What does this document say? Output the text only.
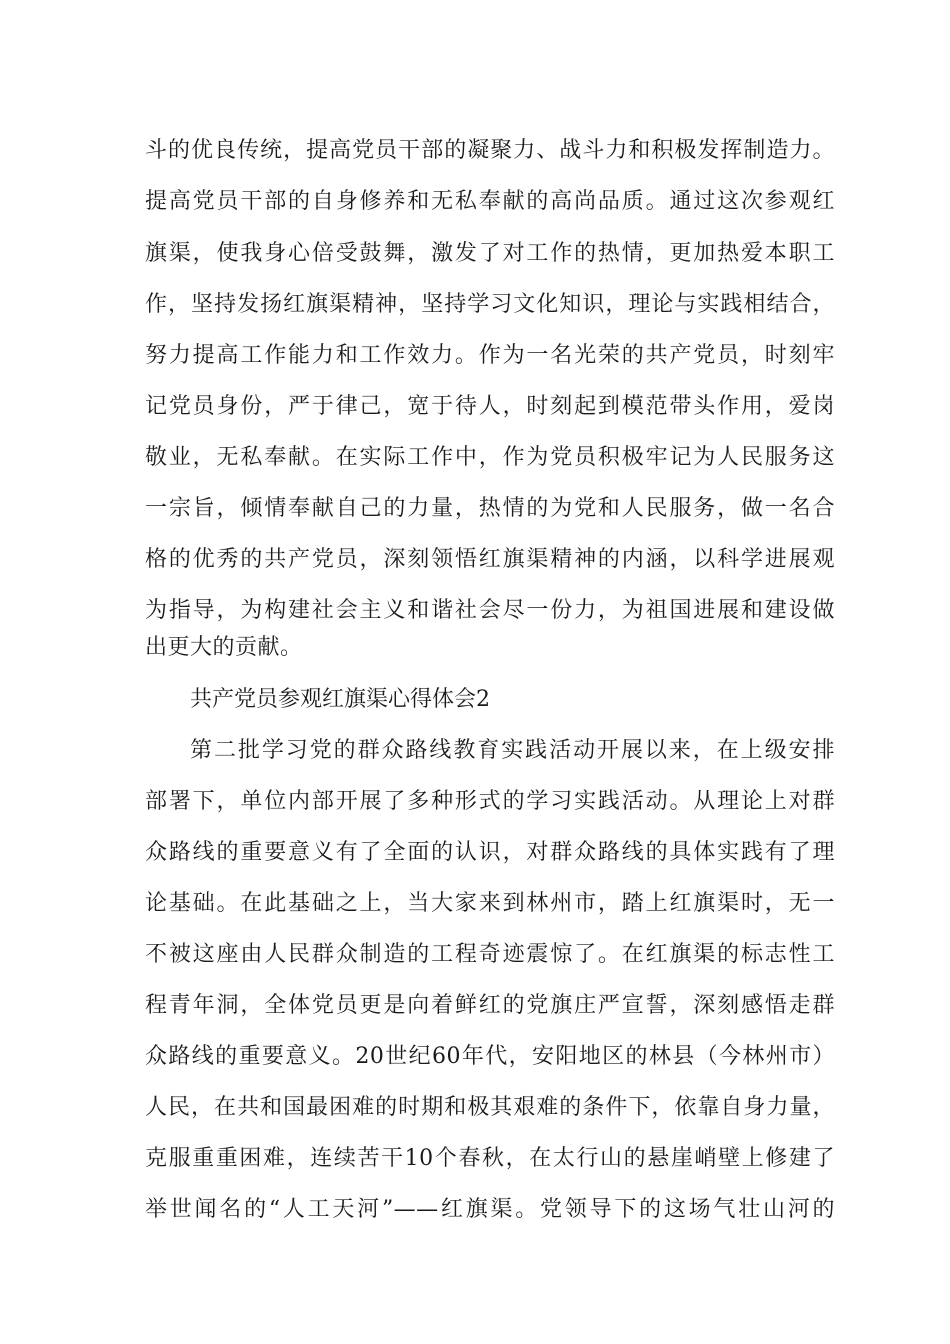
斗的优良传统，提高党员干部的凝聚力、战斗力和积极发挥制造力。
提高党员干部的自身修养和无私奉献的高尚品质。通过这次参观红
旗渠，使我身心倍受鼓舞，激发了对工作的热情，更加热爱本职工
作，坚持发扬红旗渠精神，坚持学习文化知识，理论与实践相结合，
努力提高工作能力和工作效力。作为一名光荣的共产党员，时刻牢
记党员身份，严于律己，宽于待人，时刻起到模范带头作用，爱岗
敬业，无私奉献。在实际工作中，作为党员积极牢记为人民服务这
一宗旨，倾情奉献自己的力量，热情的为党和人民服务，做一名合
格的优秀的共产党员，深刻领悟红旗渠精神的内涵，以科学进展观
为指导，为构建社会主义和谐社会尽一份力，为祖国进展和建设做
出更大的贡献。
共产党员参观红旗渠心得体会2
第二批学习党的群众路线教育实践活动开展以来，在上级安排
部署下，单位内部开展了多种形式的学习实践活动。从理论上对群
众路线的重要意义有了全面的认识，对群众路线的具体实践有了理
论基础。在此基础之上，当大家来到林州市，踏上红旗渠时，无一
不被这座由人民群众制造的工程奇迹震惊了。在红旗渠的标志性工
程青年洞，全体党员更是向着鲜红的党旗庄严宣誓，深刻感悟走群
众路线的重要意义。20世纪60年代，安阳地区的林县（今林州市）
人民，在共和国最困难的时期和极其艰难的条件下，依靠自身力量，
克服重重困难，连续苦干10个春秋，在太行山的悬崖峭壁上修建了
举世闻名的“人工天河”——红旗渠。党领导下的这场气壮山河的
